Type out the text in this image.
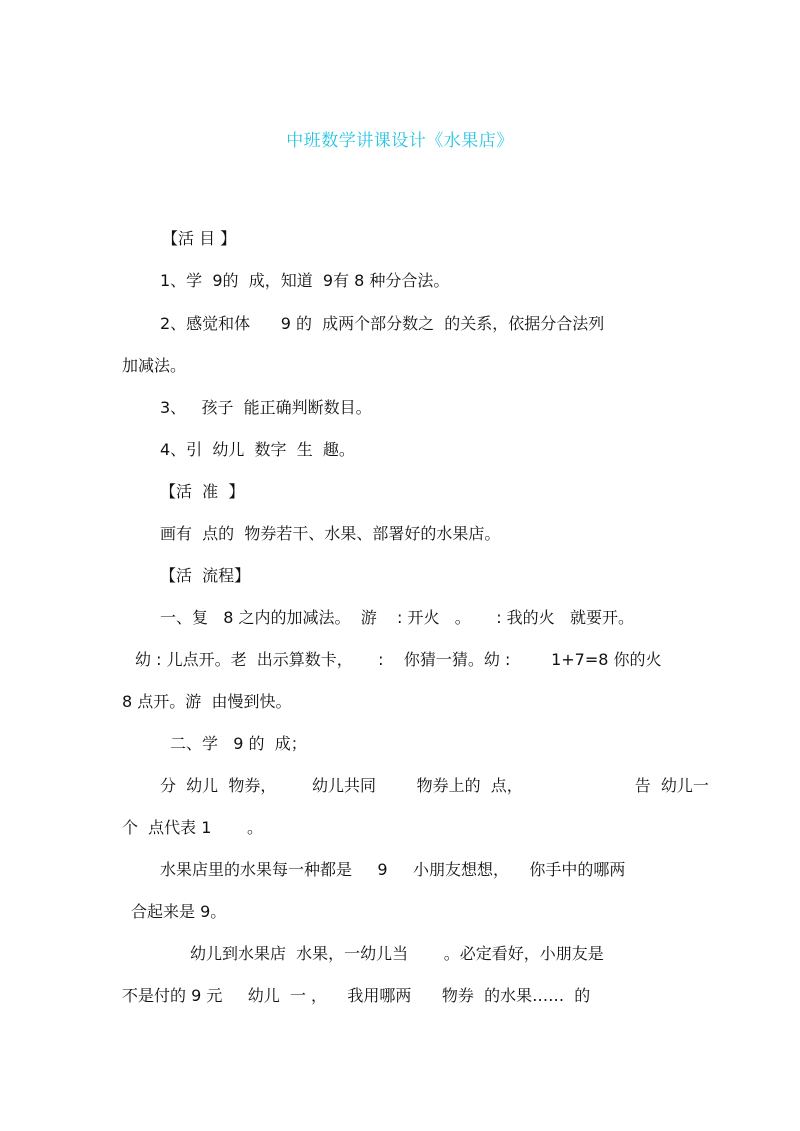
中班数学讲课设计《水果店》
【活 目 】
1、学  9的  成，知道  9有 8 种分合法。
2、感觉和体      9 的  成两个部分数之  的关系，依据分合法列
加减法。
3、   孩子  能正确判断数目。
4、引  幼儿  数字  生  趣。
【活  准  】
画有  点的  物券若干、水果、部署好的水果店。
【活  流程】
一、复   8 之内的加减法。  游    : 开火   。     : 我的火   就要开。
幼 : 儿点开。老  出示算数卡，     :    你猜一猜。幼 :        1+7=8 你的火
8 点开。游  由慢到快。
二、学   9 的  成；
分  幼儿  物券，       幼儿共同        物券上的  点，                      告  幼儿一
个  点代表 1       。
水果店里的水果每一种都是     9     小朋友想想，    你手中的哪两
合起来是 9。
幼儿到水果店  水果，一幼儿当       。必定看好，小朋友是
不是付的 9 元     幼儿  一 ，    我用哪两      物券  的水果……  的
